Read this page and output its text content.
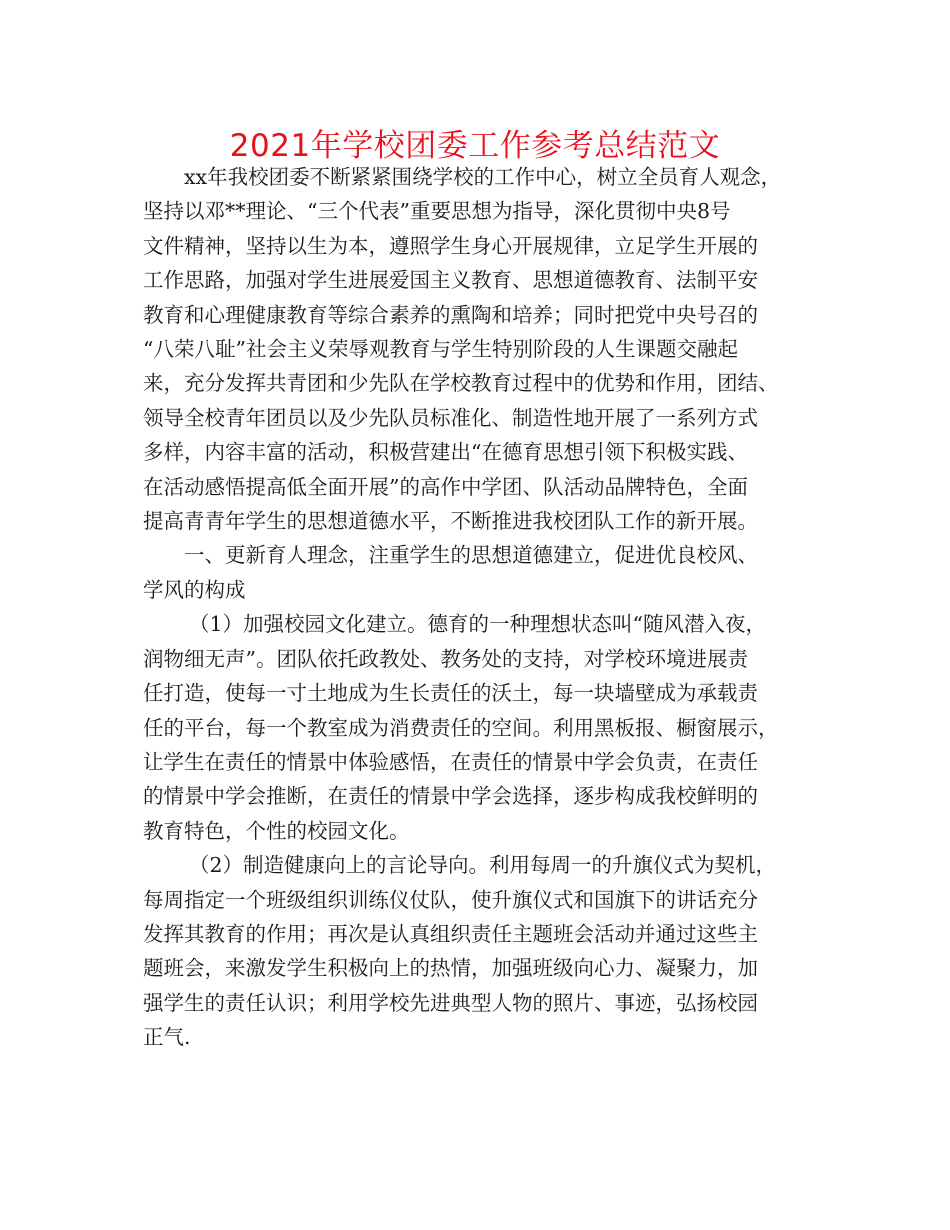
2021年学校团委工作参考总结范文

xx年我校团委不断紧紧围绕学校的工作中心，树立全员育人观念，
坚持以邓**理论、“三个代表”重要思想为指导，深化贯彻中央8号
文件精神，坚持以生为本，遵照学生身心开展规律，立足学生开展的
工作思路，加强对学生进展爱国主义教育、思想道德教育、法制平安
教育和心理健康教育等综合素养的熏陶和培养；同时把党中央号召的
“八荣八耻”社会主义荣辱观教育与学生特别阶段的人生课题交融起
来，充分发挥共青团和少先队在学校教育过程中的优势和作用，团结、
领导全校青年团员以及少先队员标准化、制造性地开展了一系列方式
多样，内容丰富的活动，积极营建出“在德育思想引领下积极实践、
在活动感悟提高低全面开展”的高作中学团、队活动品牌特色，全面
提高青青年学生的思想道德水平，不断推进我校团队工作的新开展。

一、更新育人理念，注重学生的思想道德建立，促进优良校风、
学风的构成

（1）加强校园文化建立。德育的一种理想状态叫“随风潜入夜，
润物细无声”。团队依托政教处、教务处的支持，对学校环境进展责
任打造，使每一寸土地成为生长责任的沃土，每一块墙壁成为承载责
任的平台，每一个教室成为消费责任的空间。利用黑板报、橱窗展示，
让学生在责任的情景中体验感悟，在责任的情景中学会负责，在责任
的情景中学会推断，在责任的情景中学会选择，逐步构成我校鲜明的
教育特色，个性的校园文化。

（2）制造健康向上的言论导向。利用每周一的升旗仪式为契机，
每周指定一个班级组织训练仪仗队，使升旗仪式和国旗下的讲话充分
发挥其教育的作用；再次是认真组织责任主题班会活动并通过这些主
题班会，来激发学生积极向上的热情，加强班级向心力、凝聚力，加
强学生的责任认识；利用学校先进典型人物的照片、事迹，弘扬校园
正气.
